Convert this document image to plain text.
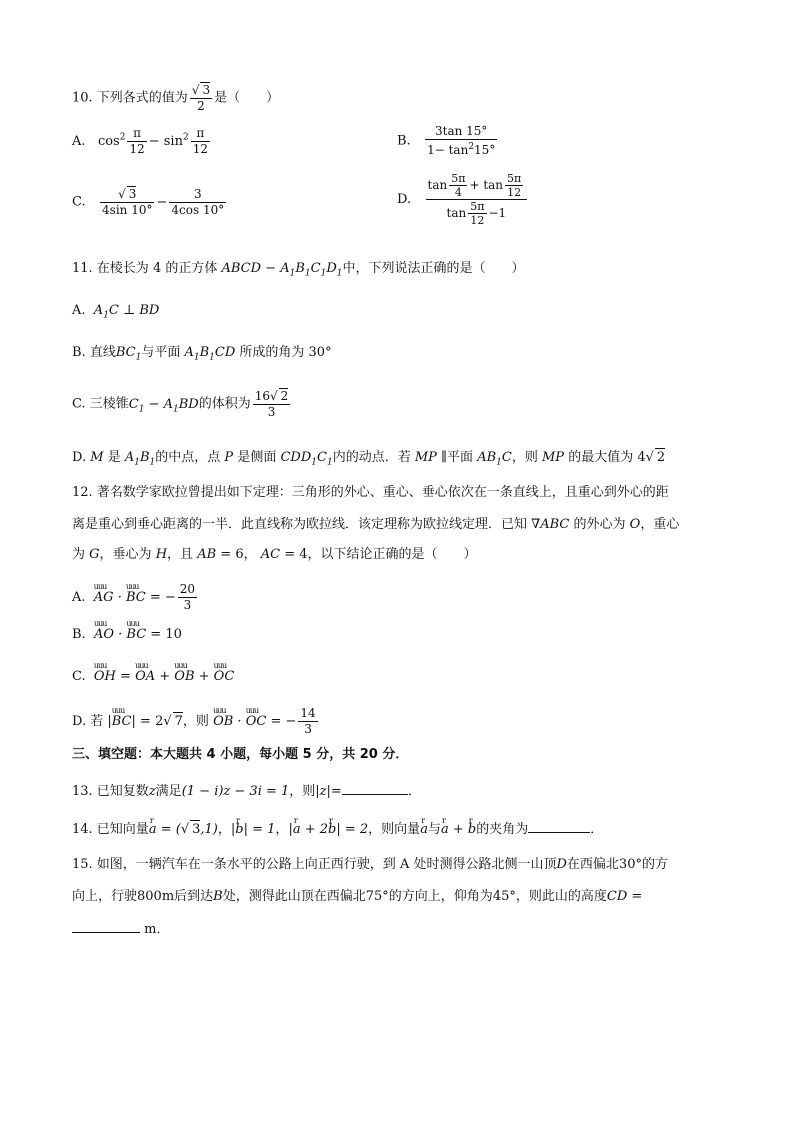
10. 下列各式的值为 $\frac{√ 3}{2}$ 是（ ）
A. $\cos^2 \frac{\pi}{12} - \sin^2 \frac{\pi}{12}$	B. $\frac{3\tan 15^\circ}{1- \tan^215^\circ}$
C. $\frac{√ 3}{4\sin 10^\circ} - \frac{3}{4\cos 10^\circ}$	D. $\frac{\tan \frac{5\pi}{4} + \tan \frac{5\pi}{12}}{\tan \frac{5\pi}{12} -1}$
11. 在棱长为 4 的正方体 ABCD − $A_1B_1C_1D_1$中，下列说法正确的是（ ）
A. $A_1C$ ⊥ BD
B. 直线$BC_1$与平面 $A_1B_1CD$ 所成的角为 30°
C. 三棱锥$C_1 - A_1BD$的体积为 $\frac{16√ 2}{3}$
D. M 是 $A_1B_1$的中点，点 P 是侧面 $CDD_1C_1$内的动点．若 MP ∥平面 $AB_1C$，则 MP 的最大值为 4√ 2
12. 著名数学家欧拉曾提出如下定理：三角形的外心、重心、垂心依次在一条直线上，且重心到外心的距
离是重心到垂心距离的一半．此直线称为欧拉线．该定理称为欧拉线定理．已知 ∇ABC 的外心为 O，重心
为 G，垂心为 H，且 AB = 6， AC = 4，以下结论正确的是（ ）
A. uuu AG · uuu BC = − $\frac{20}{3}$
B. uuu AO · uuu BC = 10
C. uuu OH = uuu OA + uuu OB + uuu OC
D. 若 |uuu BC| = 2√ 7，则 uuu OB · uuu OC = − $\frac{14}{3}$
三、填空题：本大题共 4 小题，每小题 5 分，共 20 分．
13. 已知复数z满足(1 − i)z − 3i = 1，则|z|=	．
14. 已知向量r a = (√ 3,1)，|r b| = 1，|r a + 2r b| = 2，则向量r a与r a + r b的夹角为	．
15. 如图，一辆汽车在一条水平的公路上向正西行驶，到 A 处时测得公路北侧一山顶D在西偏北30°的方
向上，行驶800m后到达B处，测得此山顶在西偏北75°的方向上，仰角为45°，则此山的高度CD =
m．
